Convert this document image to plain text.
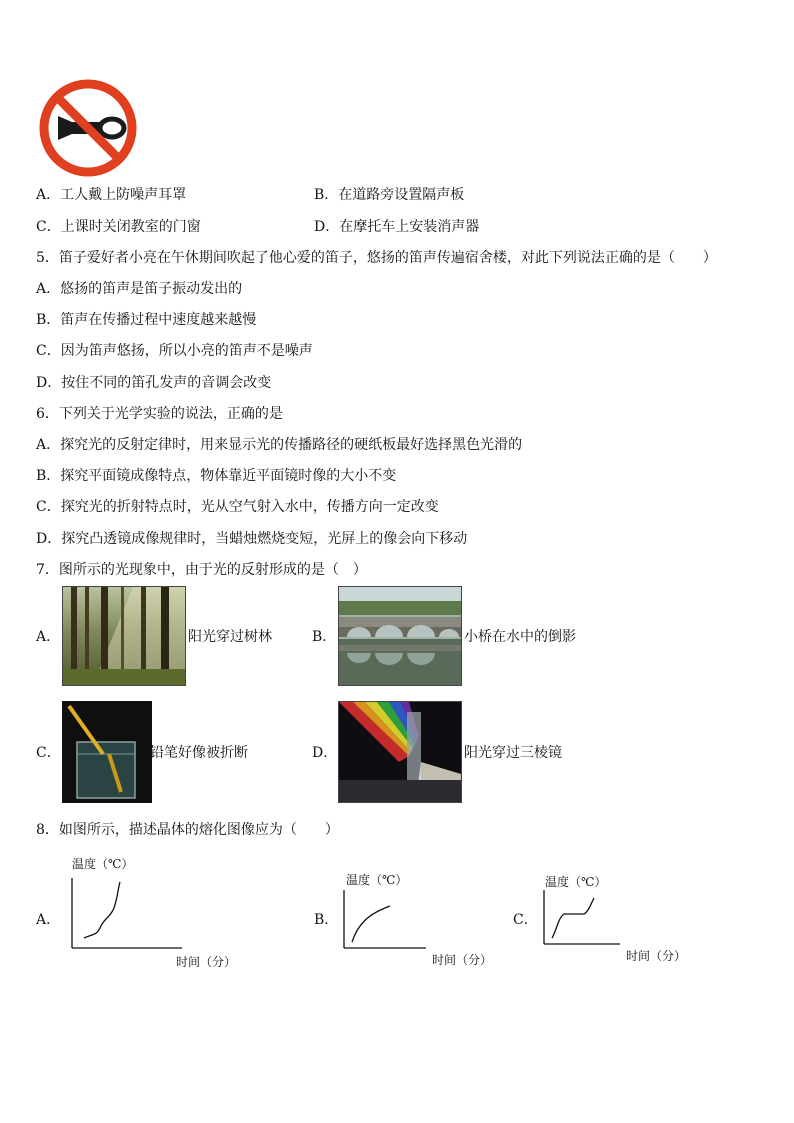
A．工人戴上防噪声耳罩	B．在道路旁设置隔声板
C．上课时关闭教室的门窗	D．在摩托车上安装消声器
5．笛子爱好者小亮在午休期间吹起了他心爱的笛子，悠扬的笛声传遍宿舍楼，对此下列说法正确的是（　　）
A．悠扬的笛声是笛子振动发出的
B．笛声在传播过程中速度越来越慢
C．因为笛声悠扬，所以小亮的笛声不是噪声
D．按住不同的笛孔发声的音调会改变
6．下列关于光学实验的说法，正确的是
A．探究光的反射定律时，用来显示光的传播路径的硬纸板最好选择黑色光滑的
B．探究平面镜成像特点，物体靠近平面镜时像的大小不变
C．探究光的折射特点时，光从空气射入水中，传播方向一定改变
D．探究凸透镜成像规律时，当蜡烛燃烧变短，光屏上的像会向下移动
7．图所示的光现象中，由于光的反射形成的是（　）
A．	阳光穿过树林	B．	小桥在水中的倒影
C．	铅笔好像被折断	D．	阳光穿过三棱镜
8．如图所示，描述晶体的熔化图像应为（　　）
A．
温度（℃）
时间（分）
B．
温度（℃）
时间（分）
C．
温度（℃）
时间（分）
